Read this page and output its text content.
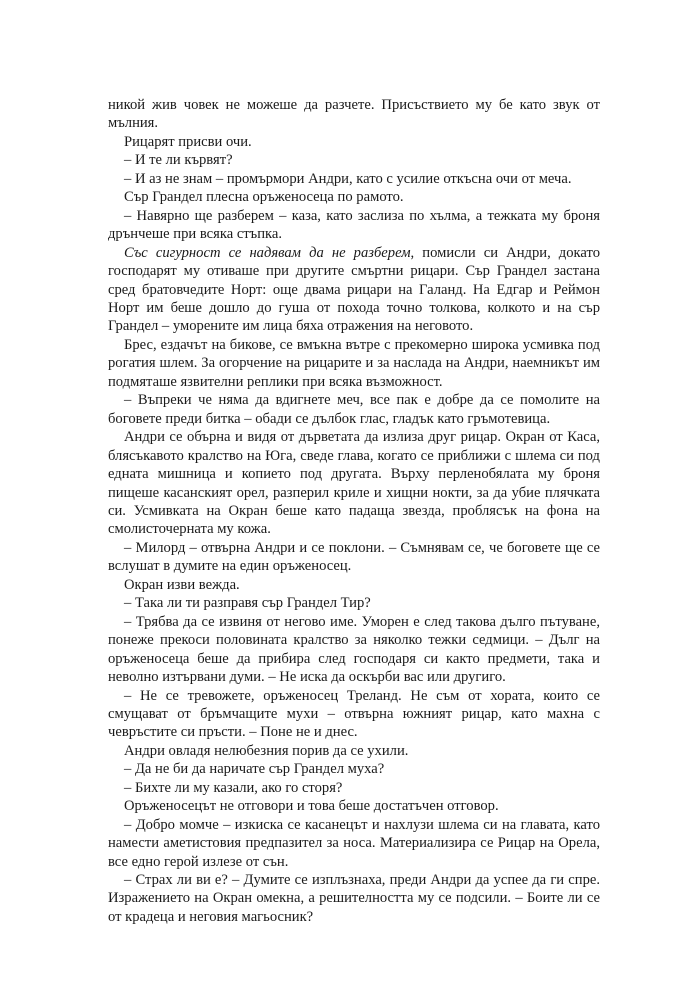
никой жив човек не можеше да разчете. Присъствието му бе като звук от мълния.

Рицарят присви очи.

– И те ли кървят?

– И аз не знам – промърмори Андри, като с усилие откъсна очи от меча.

Сър Грандел плесна оръженосеца по рамото.

– Навярно ще разберем – каза, като заслиза по хълма, а тежката му броня дрънчеше при всяка стъпка.

Със сигурност се надявам да не разберем, помисли си Андри, докато господарят му отиваше при другите смъртни рицари. Сър Грандел застана сред братовчедите Норт: още двама рицари на Галанд. На Едгар и Реймон Норт им беше дошло до гуша от похода точно толкова, колкото и на сър Грандел – уморените им лица бяха отражения на неговото.

Брес, ездачът на бикове, се вмъкна вътре с прекомерно широка усмивка под рогатия шлем. За огорчение на рицарите и за наслада на Андри, наемникът им подмяташе язвителни реплики при всяка възможност.

– Въпреки че няма да вдигнете меч, все пак е добре да се помолите на боговете преди битка – обади се дълбок глас, гладък като гръмотевица.

Андри се обърна и видя от дърветата да излиза друг рицар. Окран от Каса, блясъкавото кралство на Юга, сведе глава, когато се приближи с шлема си под едната мишница и копието под другата. Върху перленобялата му броня пищеше касанският орел, разперил криле и хищни нокти, за да убие плячката си. Усмивката на Окран беше като падаща звезда, проблясък на фона на смолисточерната му кожа.

– Милорд – отвърна Андри и се поклони. – Съмнявам се, че боговете ще се вслушат в думите на един оръженосец.

Окран изви вежда.

– Така ли ти разправя сър Грандел Тир?

– Трябва да се извиня от негово име. Уморен е след такова дълго пътуване, понеже прекоси половината кралство за няколко тежки седмици. – Дълг на оръженосеца беше да прибира след господаря си както предмети, така и неволно изтървани думи. – Не иска да оскърби вас или другиго.

– Не се тревожете, оръженосец Треланд. Не съм от хората, които се смущават от бръмчащите мухи – отвърна южният рицар, като махна с чевръстите си пръсти. – Поне не и днес.

Андри овладя нелюбезния порив да се ухили.

– Да не би да наричате сър Грандел муха?

– Бихте ли му казали, ако го сторя?

Оръженосецът не отговори и това беше достатъчен отговор.

– Добро момче – изкиска се касанецът и нахлузи шлема си на главата, като намести аметистовия предпазител за носа. Материализира се Рицар на Орела, все едно герой излезе от сън.

– Страх ли ви е? – Думите се изплъзнаха, преди Андри да успее да ги спре. Изражението на Окран омекна, а решителността му се подсили. – Боите ли се от крадеца и неговия магьосник?
